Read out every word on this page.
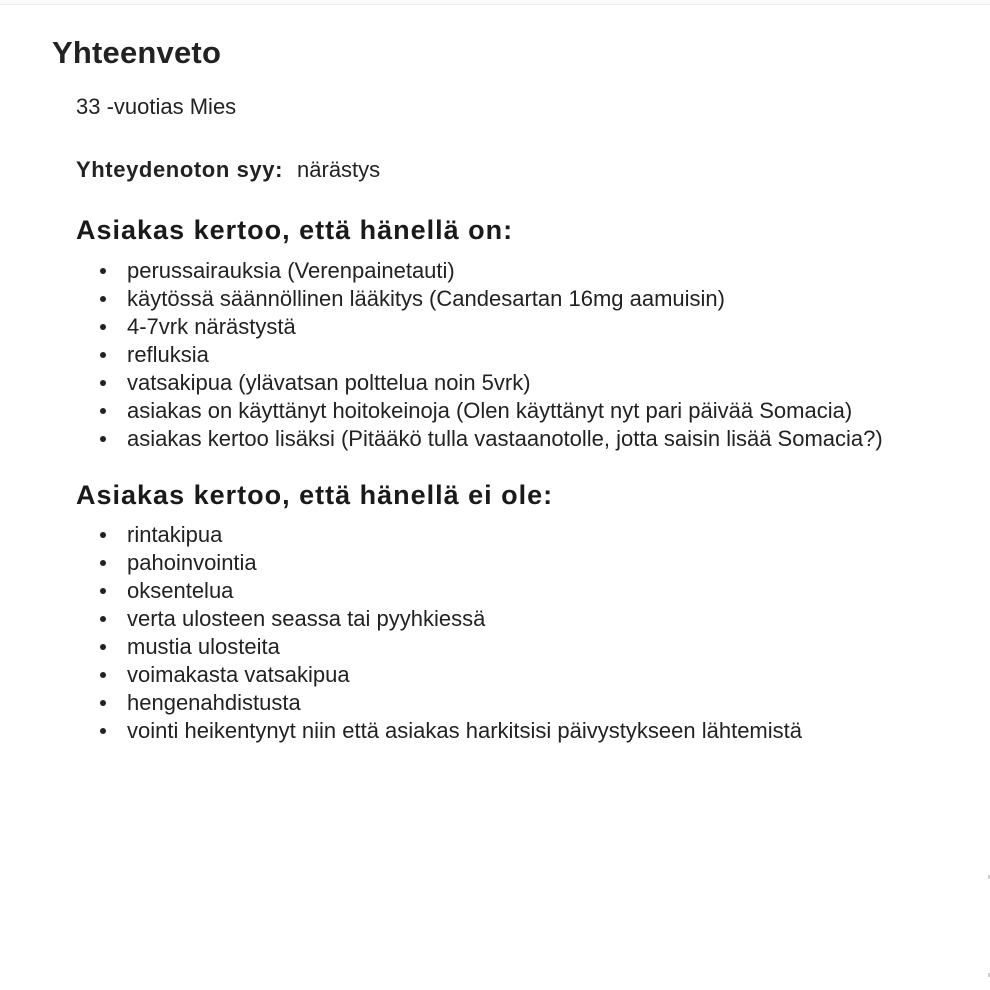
Yhteenveto
33 -vuotias Mies
Yhteydenoton syy: närästys
Asiakas kertoo, että hänellä on:
perussairauksia (Verenpainetauti)
käytössä säännöllinen lääkitys (Candesartan 16mg aamuisin)
4-7vrk närästystä
refluksia
vatsakipua (ylävatsan polttelua noin 5vrk)
asiakas on käyttänyt hoitokeinoja (Olen käyttänyt nyt pari päivää Somacia)
asiakas kertoo lisäksi (Pitääkö tulla vastaanotolle, jotta saisin lisää Somacia?)
Asiakas kertoo, että hänellä ei ole:
rintakipua
pahoinvointia
oksentelua
verta ulosteen seassa tai pyyhkiessä
mustia ulosteita
voimakasta vatsakipua
hengenahdistusta
vointi heikentynyt niin että asiakas harkitsisi päivystykseen lähtemistä
